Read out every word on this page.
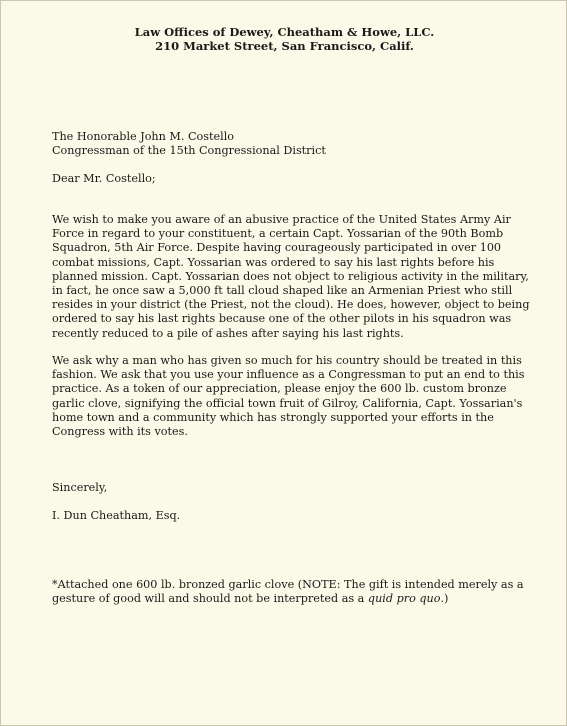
Law Offices of Dewey, Cheatham & Howe, LLC.
210 Market Street, San Francisco, Calif.
The Honorable John M. Costello
Congressman of the 15th Congressional District
Dear Mr. Costello;

We wish to make you aware of an abusive practice of the United States Army Air Force in regard to your constituent, a certain Capt. Yossarian of the 90th Bomb Squadron, 5th Air Force. Despite having courageously participated in over 100 combat missions, Capt. Yossarian was ordered to say his last rights before his planned mission. Capt. Yossarian does not object to religious activity in the military, in fact, he once saw a 5,000 ft tall cloud shaped like an Armenian Priest who still resides in your district (the Priest, not the cloud). He does, however, object to being ordered to say his last rights because one of the other pilots in his squadron was recently reduced to a pile of ashes after saying his last rights.

We ask why a man who has given so much for his country should be treated in this fashion. We ask that you use your influence as a Congressman to put an end to this practice. As a token of our appreciation, please enjoy the 600 lb. custom bronze garlic clove, signifying the official town fruit of Gilroy, California, Capt. Yossarian's home town and a community which has strongly supported your efforts in the Congress with its votes.

Sincerely,
I. Dun Cheatham, Esq.
*Attached one 600 lb. bronzed garlic clove (NOTE: The gift is intended merely as a gesture of good will and should not be interpreted as a quid pro quo.)
